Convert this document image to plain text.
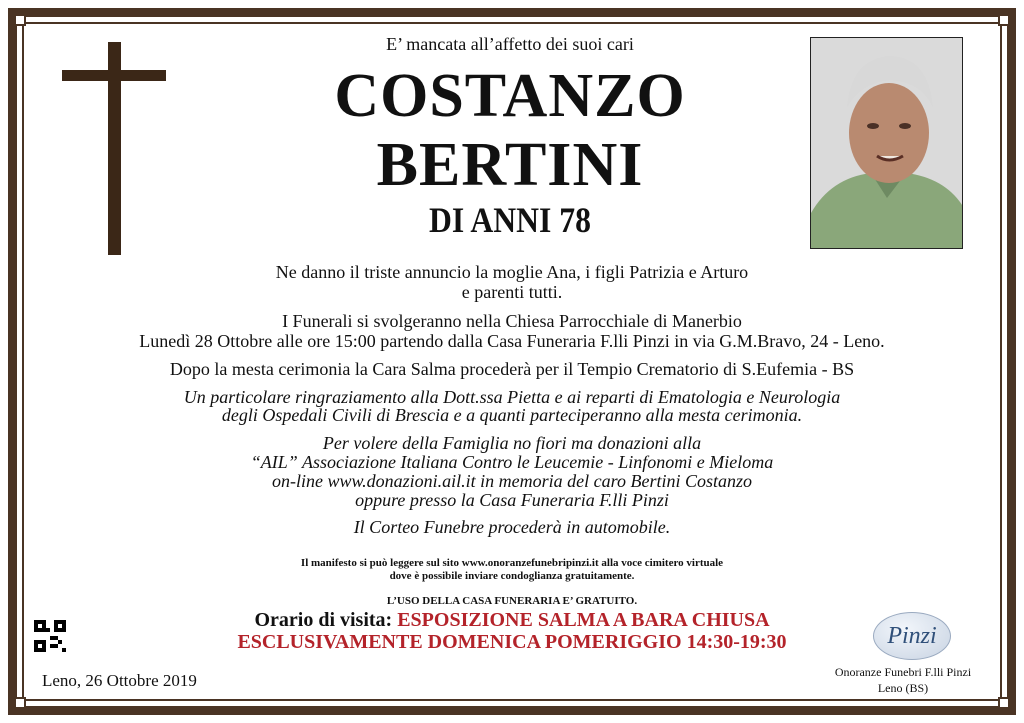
E’ mancata all’affetto dei suoi cari
COSTANZO
BERTINI
DI ANNI 78
Ne danno il triste annuncio la moglie Ana, i figli Patrizia e Arturo
e parenti tutti.
I Funerali si svolgeranno nella Chiesa Parrocchiale di Manerbio
Lunedì 28 Ottobre alle ore 15:00 partendo dalla Casa Funeraria F.lli Pinzi in via G.M.Bravo, 24 - Leno.
Dopo la mesta cerimonia la Cara Salma procederà per il Tempio Crematorio di S.Eufemia - BS
Un particolare ringraziamento alla Dott.ssa Pietta e ai reparti di Ematologia e Neurologia
degli Ospedali Civili di Brescia e a quanti parteciperanno alla mesta cerimonia.
Per volere della Famiglia no fiori ma donazioni alla
“AIL” Associazione Italiana Contro le Leucemie - Linfonomi e Mieloma
on-line www.donazioni.ail.it in memoria del caro Bertini Costanzo
oppure presso la Casa Funeraria F.lli Pinzi
Il Corteo Funebre procederà in automobile.
Il manifesto si può leggere sul sito www.onoranzefunebripinzi.it alla voce cimitero virtuale
dove è possibile inviare condoglianza gratuitamente.
L’USO DELLA CASA FUNERARIA E’ GRATUITO.
Orario di visita: ESPOSIZIONE SALMA A BARA CHIUSA
ESCLUSIVAMENTE DOMENICA POMERIGGIO 14:30-19:30
Leno, 26 Ottobre 2019
Pinzi
Onoranze Funebri F.lli Pinzi
Leno (BS)
